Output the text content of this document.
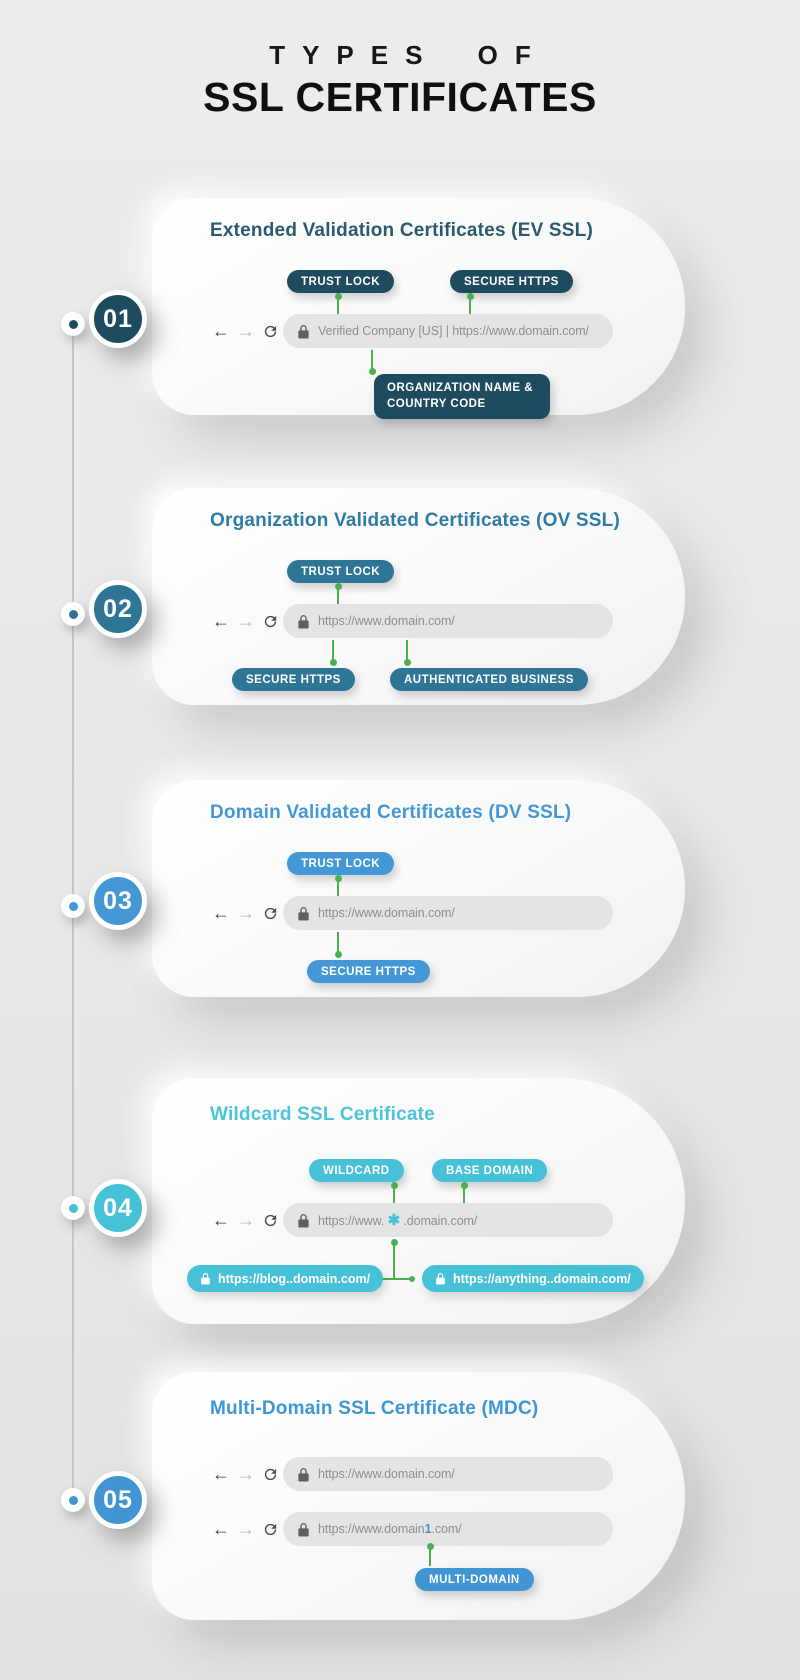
TYPES OF
SSL CERTIFICATES
01
Extended Validation Certificates (EV SSL)
TRUST LOCK	SECURE HTTPS
← →	Verified Company [US] | https://www.domain.com/
ORGANIZATION NAME & COUNTRY CODE
02
Organization Validated Certificates (OV SSL)
TRUST LOCK
← →	https://www.domain.com/
SECURE HTTPS	AUTHENTICATED BUSINESS
03
Domain Validated Certificates (DV SSL)
TRUST LOCK
← →	https://www.domain.com/
SECURE HTTPS
04
Wildcard SSL Certificate
WILDCARD	BASE DOMAIN
← →	https://www. ✱ .domain.com/
https://blog..domain.com/	https://anything..domain.com/
05
Multi-Domain SSL Certificate (MDC)
← →	https://www.domain.com/
← →	https://www.domain1.com/
MULTI-DOMAIN
